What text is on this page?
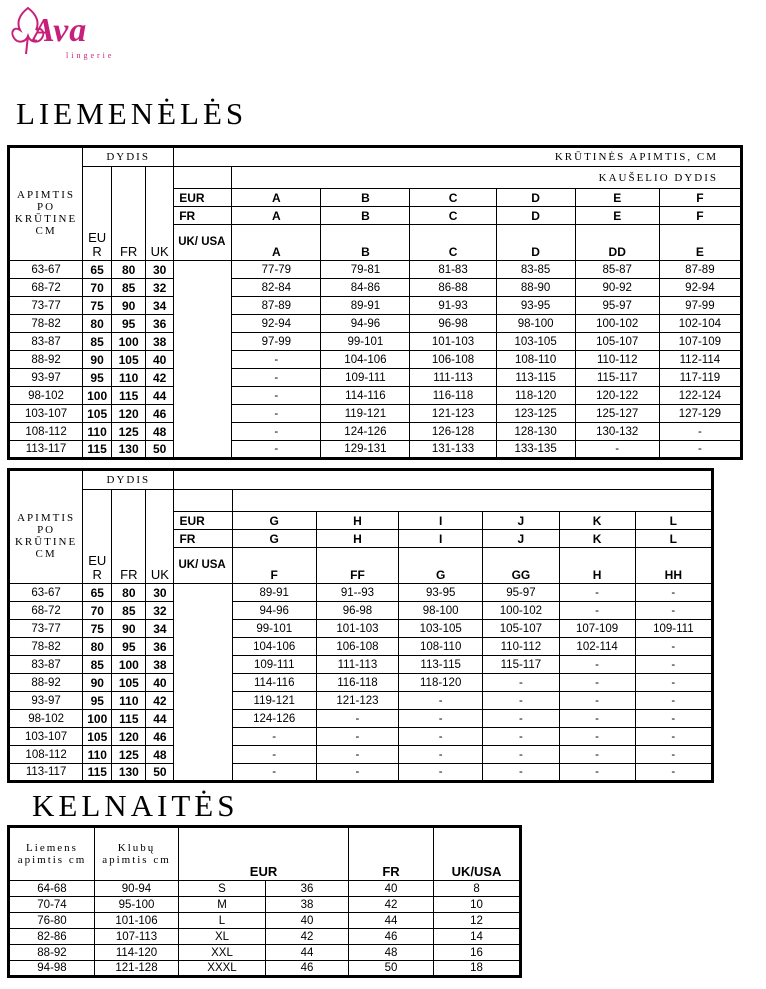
Ava
lingerie
LIEMENĖLĖS
KELNAITĖS
	DYDIS			KRŪTINĖS APIMTIS, CM						
APIMTIS PO KRŪTINE CM	EU R	FR	UK		KAUŠELIO DYDIS					
				EUR	A	B	C	D	E	F
				FR	A	B	C	D	E	F
				UK/ USA	A	B	C	D	DD	E
63-67	65	80	30		77-79	79-81	81-83	83-85	85-87	87-89
68-72	70	85	32		82-84	84-86	86-88	88-90	90-92	92-94
73-77	75	90	34		87-89	89-91	91-93	93-95	95-97	97-99
78-82	80	95	36		92-94	94-96	96-98	98-100	100-102	102-104
83-87	85	100	38		97-99	99-101	101-103	103-105	105-107	107-109
88-92	90	105	40		-	104-106	106-108	108-110	110-112	112-114
93-97	95	110	42		-	109-111	111-113	113-115	115-117	117-119
98-102	100	115	44		-	114-116	116-118	118-120	120-122	122-124
103-107	105	120	46		-	119-121	121-123	123-125	125-127	127-129
108-112	110	125	48		-	124-126	126-128	128-130	130-132	-
113-117	115	130	50		-	129-131	131-133	133-135	-	-
	DYDIS									
APIMTIS PO KRŪTINE CM	EU R	FR	UK							
				EUR	G	H	I	J	K	L
				FR	G	H	I	J	K	L
				UK/ USA	F	FF	G	GG	H	HH
63-67	65	80	30		89-91	91--93	93-95	95-97	-	-
68-72	70	85	32		94-96	96-98	98-100	100-102	-	-
73-77	75	90	34		99-101	101-103	103-105	105-107	107-109	109-111
78-82	80	95	36		104-106	106-108	108-110	110-112	102-114	-
83-87	85	100	38		109-111	111-113	113-115	115-117	-	-
88-92	90	105	40		114-116	116-118	118-120	-	-	-
93-97	95	110	42		119-121	121-123	-	-	-	-
98-102	100	115	44		124-126	-	-	-	-	-
103-107	105	120	46		-	-	-	-	-	-
108-112	110	125	48		-	-	-	-	-	-
113-117	115	130	50		-	-	-	-	-	-
Liemens apimtis cm	Klubų apimtis cm	EUR		FR	UK/USA
64-68	90-94	S	36	40	8
70-74	95-100	M	38	42	10
76-80	101-106	L	40	44	12
82-86	107-113	XL	42	46	14
88-92	114-120	XXL	44	48	16
94-98	121-128	XXXL	46	50	18
